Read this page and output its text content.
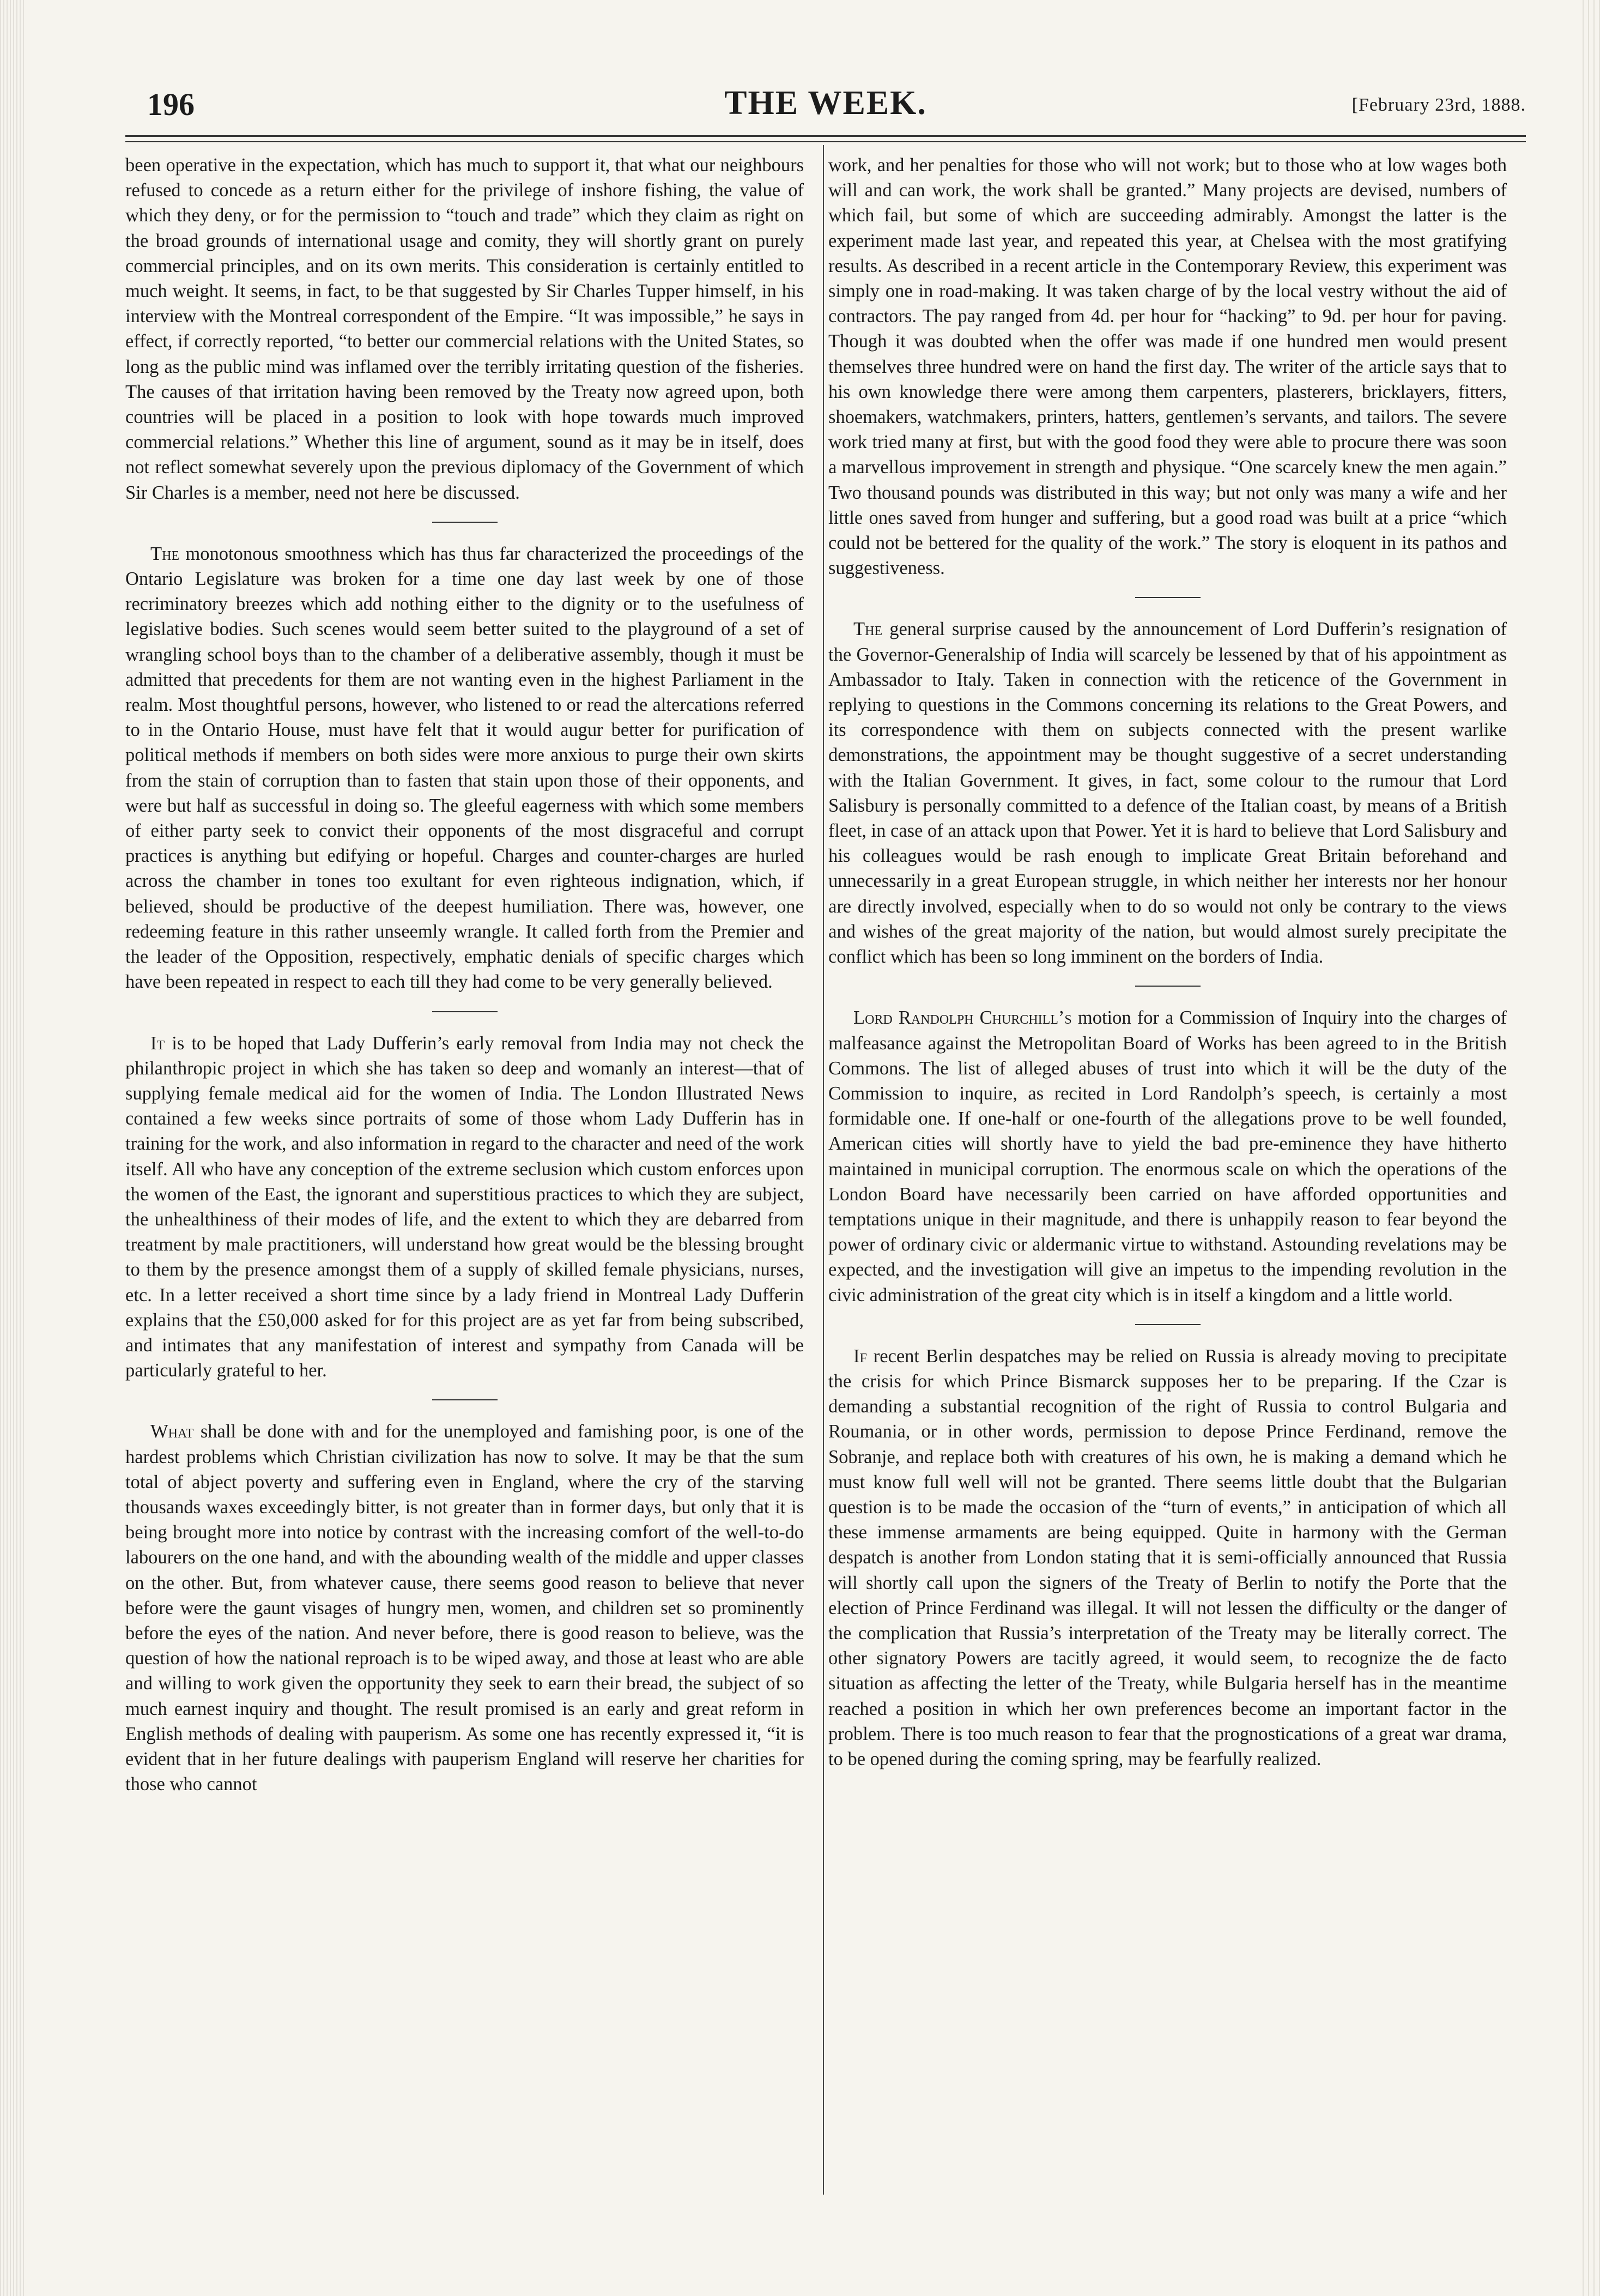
196	THE WEEK.	[February 23rd, 1888.

been operative in the expectation, which has much to support it, that what our neighbours refused to concede as a return either for the privilege of inshore fishing, the value of which they deny, or for the permission to “touch and trade” which they claim as right on the broad grounds of international usage and comity, they will shortly grant on purely commercial principles, and on its own merits. This consideration is certainly entitled to much weight. It seems, in fact, to be that suggested by Sir Charles Tupper himself, in his interview with the Montreal correspondent of the Empire. “It was impossible,” he says in effect, if correctly reported, “to better our commercial relations with the United States, so long as the public mind was inflamed over the terribly irritating question of the fisheries. The causes of that irritation having been removed by the Treaty now agreed upon, both countries will be placed in a position to look with hope towards much improved commercial relations.” Whether this line of argument, sound as it may be in itself, does not reflect somewhat severely upon the previous diplomacy of the Government of which Sir Charles is a member, need not here be discussed.

The monotonous smoothness which has thus far characterized the proceedings of the Ontario Legislature was broken for a time one day last week by one of those recriminatory breezes which add nothing either to the dignity or to the usefulness of legislative bodies. Such scenes would seem better suited to the playground of a set of wrangling school boys than to the chamber of a deliberative assembly, though it must be admitted that precedents for them are not wanting even in the highest Parliament in the realm. Most thoughtful persons, however, who listened to or read the altercations referred to in the Ontario House, must have felt that it would augur better for purification of political methods if members on both sides were more anxious to purge their own skirts from the stain of corruption than to fasten that stain upon those of their opponents, and were but half as successful in doing so. The gleeful eagerness with which some members of either party seek to convict their opponents of the most disgraceful and corrupt practices is anything but edifying or hopeful. Charges and counter-charges are hurled across the chamber in tones too exultant for even righteous indignation, which, if believed, should be productive of the deepest humiliation. There was, however, one redeeming feature in this rather unseemly wrangle. It called forth from the Premier and the leader of the Opposition, respectively, emphatic denials of specific charges which have been repeated in respect to each till they had come to be very generally believed.

It is to be hoped that Lady Dufferin’s early removal from India may not check the philanthropic project in which she has taken so deep and womanly an interest—that of supplying female medical aid for the women of India. The London Illustrated News contained a few weeks since portraits of some of those whom Lady Dufferin has in training for the work, and also information in regard to the character and need of the work itself. All who have any conception of the extreme seclusion which custom enforces upon the women of the East, the ignorant and superstitious practices to which they are subject, the unhealthiness of their modes of life, and the extent to which they are debarred from treatment by male practitioners, will understand how great would be the blessing brought to them by the presence amongst them of a supply of skilled female physicians, nurses, etc. In a letter received a short time since by a lady friend in Montreal Lady Dufferin explains that the £50,000 asked for for this project are as yet far from being subscribed, and intimates that any manifestation of interest and sympathy from Canada will be particularly grateful to her.

What shall be done with and for the unemployed and famishing poor, is one of the hardest problems which Christian civilization has now to solve. It may be that the sum total of abject poverty and suffering even in England, where the cry of the starving thousands waxes exceedingly bitter, is not greater than in former days, but only that it is being brought more into notice by contrast with the increasing comfort of the well-to-do labourers on the one hand, and with the abounding wealth of the middle and upper classes on the other. But, from whatever cause, there seems good reason to believe that never before were the gaunt visages of hungry men, women, and children set so prominently before the eyes of the nation. And never before, there is good reason to believe, was the question of how the national reproach is to be wiped away, and those at least who are able and willing to work given the opportunity they seek to earn their bread, the subject of so much earnest inquiry and thought. The result promised is an early and great reform in English methods of dealing with pauperism. As some one has recently expressed it, “it is evident that in her future dealings with pauperism England will reserve her charities for those who cannot

work, and her penalties for those who will not work; but to those who at low wages both will and can work, the work shall be granted.” Many projects are devised, numbers of which fail, but some of which are succeeding admirably. Amongst the latter is the experiment made last year, and repeated this year, at Chelsea with the most gratifying results. As described in a recent article in the Contemporary Review, this experiment was simply one in road-making. It was taken charge of by the local vestry without the aid of contractors. The pay ranged from 4d. per hour for “hacking” to 9d. per hour for paving. Though it was doubted when the offer was made if one hundred men would present themselves three hundred were on hand the first day. The writer of the article says that to his own knowledge there were among them carpenters, plasterers, bricklayers, fitters, shoemakers, watchmakers, printers, hatters, gentlemen’s servants, and tailors. The severe work tried many at first, but with the good food they were able to procure there was soon a marvellous improvement in strength and physique. “One scarcely knew the men again.” Two thousand pounds was distributed in this way; but not only was many a wife and her little ones saved from hunger and suffering, but a good road was built at a price “which could not be bettered for the quality of the work.” The story is eloquent in its pathos and suggestiveness.

The general surprise caused by the announcement of Lord Dufferin’s resignation of the Governor-Generalship of India will scarcely be lessened by that of his appointment as Ambassador to Italy. Taken in connection with the reticence of the Government in replying to questions in the Commons concerning its relations to the Great Powers, and its correspondence with them on subjects connected with the present warlike demonstrations, the appointment may be thought suggestive of a secret understanding with the Italian Government. It gives, in fact, some colour to the rumour that Lord Salisbury is personally committed to a defence of the Italian coast, by means of a British fleet, in case of an attack upon that Power. Yet it is hard to believe that Lord Salisbury and his colleagues would be rash enough to implicate Great Britain beforehand and unnecessarily in a great European struggle, in which neither her interests nor her honour are directly involved, especially when to do so would not only be contrary to the views and wishes of the great majority of the nation, but would almost surely precipitate the conflict which has been so long imminent on the borders of India.

Lord Randolph Churchill’s motion for a Commission of Inquiry into the charges of malfeasance against the Metropolitan Board of Works has been agreed to in the British Commons. The list of alleged abuses of trust into which it will be the duty of the Commission to inquire, as recited in Lord Randolph’s speech, is certainly a most formidable one. If one-half or one-fourth of the allegations prove to be well founded, American cities will shortly have to yield the bad pre-eminence they have hitherto maintained in municipal corruption. The enormous scale on which the operations of the London Board have necessarily been carried on have afforded opportunities and temptations unique in their magnitude, and there is unhappily reason to fear beyond the power of ordinary civic or aldermanic virtue to withstand. Astounding revelations may be expected, and the investigation will give an impetus to the impending revolution in the civic administration of the great city which is in itself a kingdom and a little world.

If recent Berlin despatches may be relied on Russia is already moving to precipitate the crisis for which Prince Bismarck supposes her to be preparing. If the Czar is demanding a substantial recognition of the right of Russia to control Bulgaria and Roumania, or in other words, permission to depose Prince Ferdinand, remove the Sobranje, and replace both with creatures of his own, he is making a demand which he must know full well will not be granted. There seems little doubt that the Bulgarian question is to be made the occasion of the “turn of events,” in anticipation of which all these immense armaments are being equipped. Quite in harmony with the German despatch is another from London stating that it is semi-officially announced that Russia will shortly call upon the signers of the Treaty of Berlin to notify the Porte that the election of Prince Ferdinand was illegal. It will not lessen the difficulty or the danger of the complication that Russia’s interpretation of the Treaty may be literally correct. The other signatory Powers are tacitly agreed, it would seem, to recognize the de facto situation as affecting the letter of the Treaty, while Bulgaria herself has in the meantime reached a position in which her own preferences become an important factor in the problem. There is too much reason to fear that the prognostications of a great war drama, to be opened during the coming spring, may be fearfully realized.
